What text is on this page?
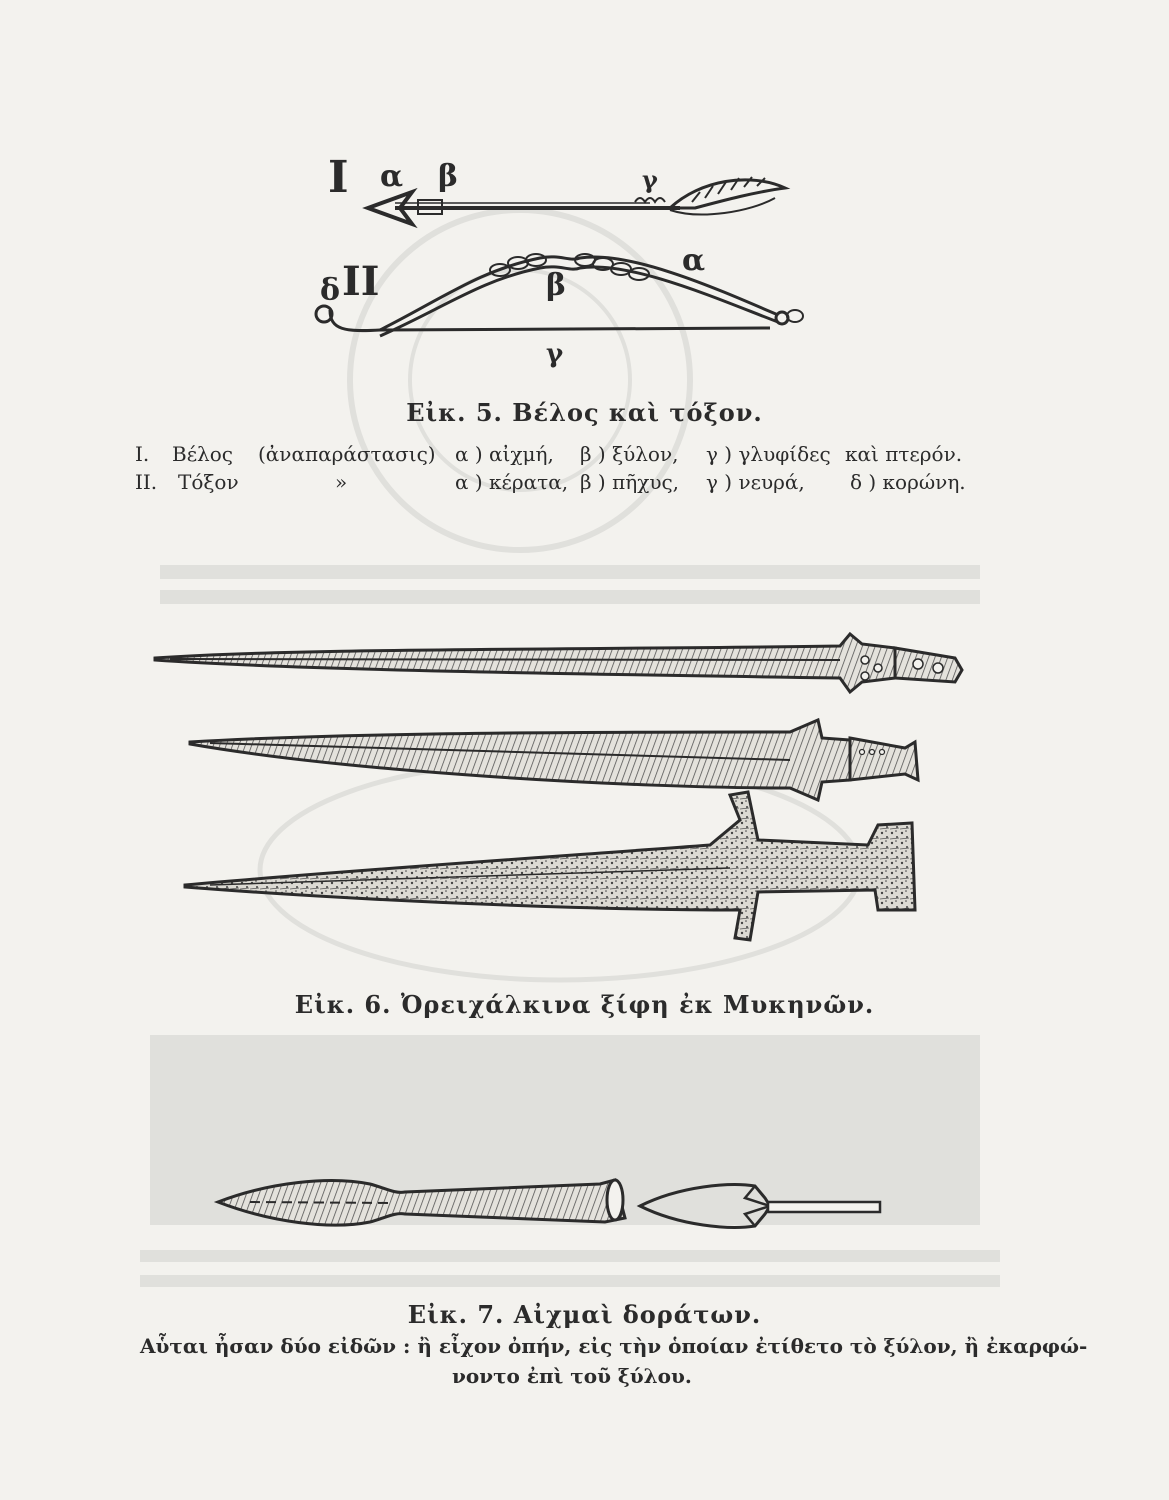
I α β	γ
δ II	α
β
γ
Εἰκ. 5. Βέλος καὶ τόξον.
I. Βέλος (ἀναπαράστασις) α ) αἰχμή, β ) ξύλον, γ ) γλυφίδες καὶ πτερόν.
II. Τόξον	»	α ) κέρατα, β ) πῆχυς, γ ) νευρά, δ ) κορώνη.
Εἰκ. 6. Ὀρειχάλκινα ξίφη ἐκ Μυκηνῶν.
Εἰκ. 7. Αἰχμαὶ δοράτων.
Αὗται ἦσαν δύο εἰδῶν : ἢ εἶχον ὀπήν, εἰς τὴν ὁποίαν ἐτίθετο τὸ ξύλον, ἢ ἐκαρφώ-
νοντο ἐπὶ τοῦ ξύλου.
